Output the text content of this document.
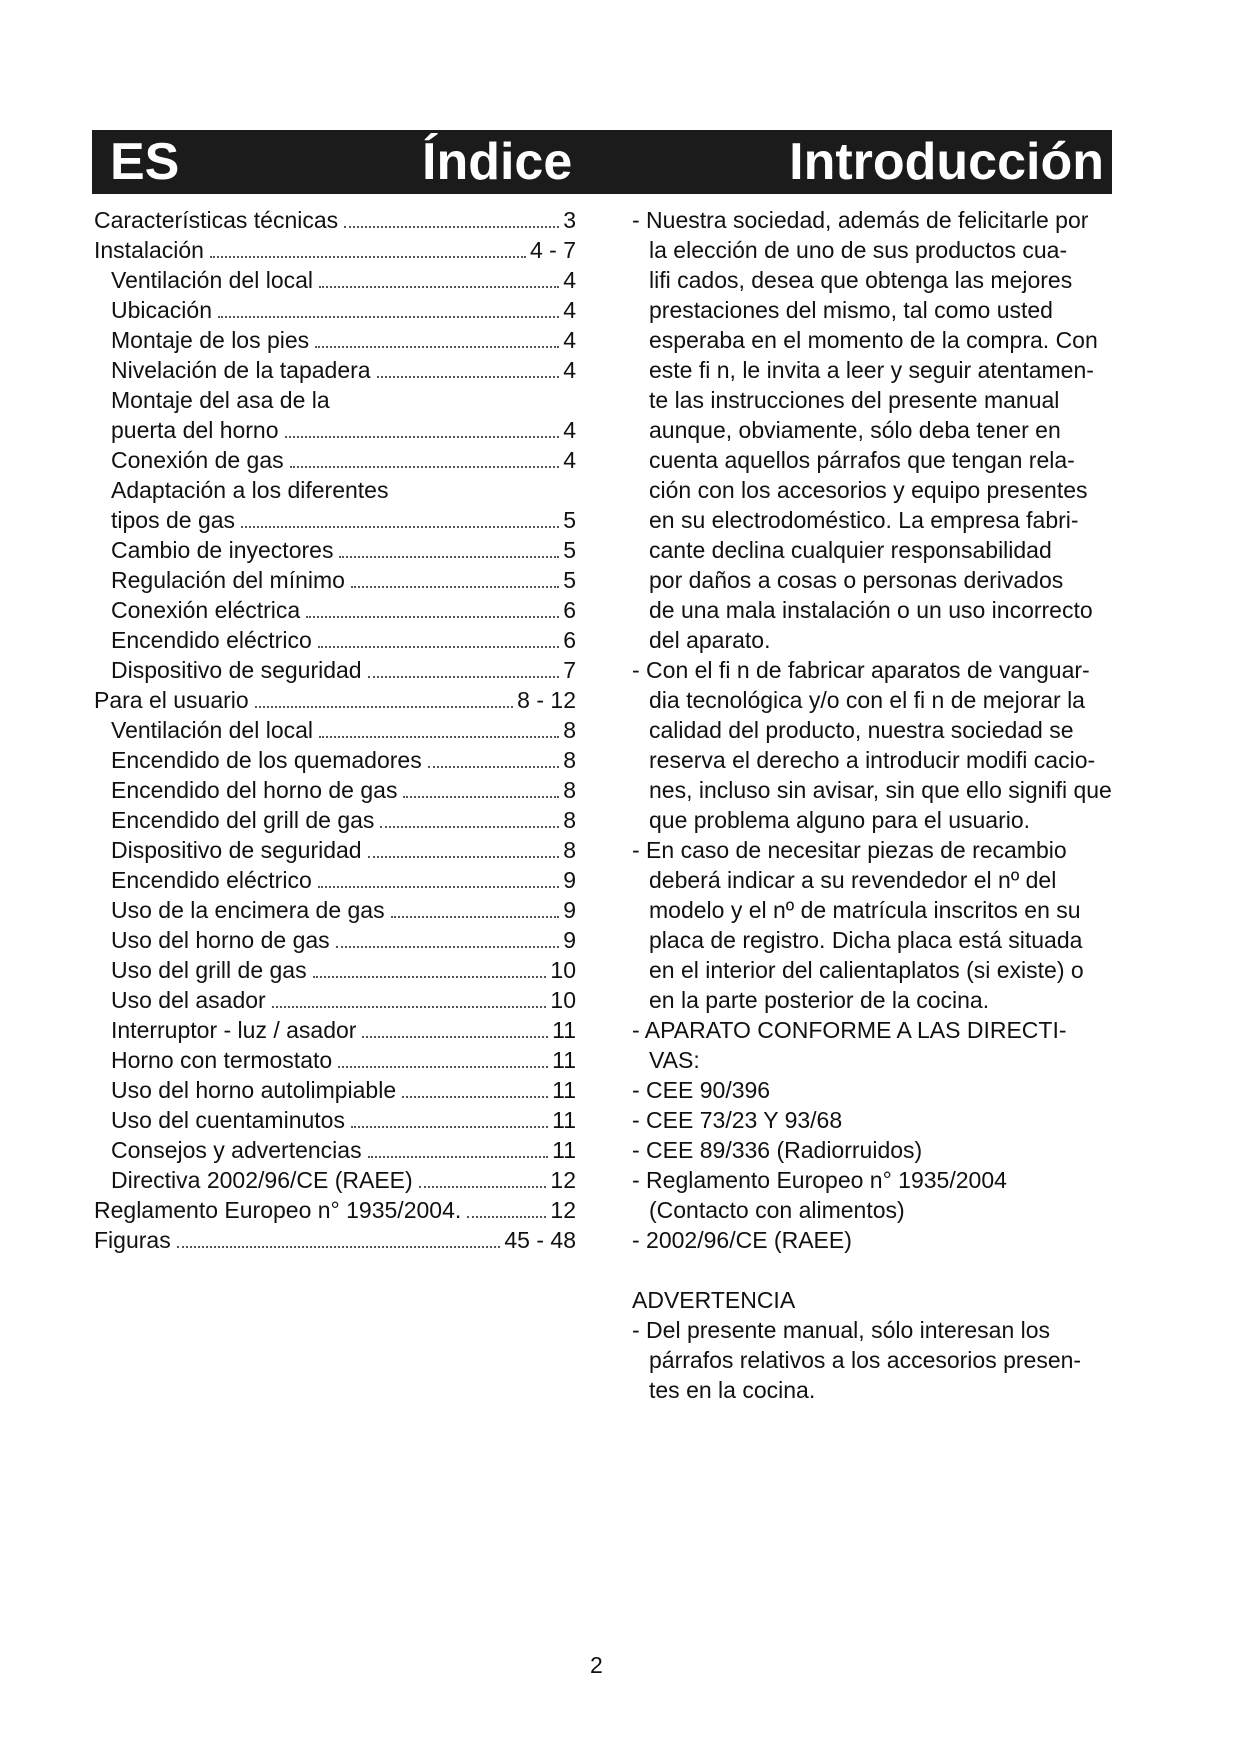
ES	Índice	Introducción
Características técnicas	3
Instalación	4 - 7
Ventilación del local	4
Ubicación	4
Montaje de los pies	4
Nivelación de la tapadera	4
Montaje del asa de la
puerta del horno	4
Conexión de gas	4
Adaptación a los diferentes
tipos de gas	5
Cambio de inyectores	5
Regulación del mínimo	5
Conexión eléctrica	6
Encendido eléctrico	6
Dispositivo de seguridad	7
Para el usuario	8 - 12
Ventilación del local	8
Encendido de los quemadores	8
Encendido del horno de gas	8
Encendido del grill de gas	8
Dispositivo de seguridad	8
Encendido eléctrico	9
Uso de la encimera de gas	9
Uso del horno de gas	9
Uso del grill de gas	10
Uso del asador	10
Interruptor - luz / asador	11
Horno con termostato	11
Uso del horno autolimpiable	11
Uso del cuentaminutos	11
Consejos y advertencias	11
Directiva 2002/96/CE (RAEE)	12
Reglamento Europeo n° 1935/2004.	12
Figuras	45 - 48
- Nuestra sociedad, además de felicitarle por
la elección de uno de sus productos cua-
lifi cados, desea que obtenga las mejores
prestaciones del mismo, tal como usted
esperaba en el momento de la compra. Con
este fi n, le invita a leer y seguir atentamen-
te las instrucciones del presente manual
aunque, obviamente, sólo deba tener en
cuenta aquellos párrafos que tengan rela-
ción con los accesorios y equipo presentes
en su electrodoméstico. La empresa fabri-
cante declina cualquier responsabilidad
por daños a cosas o personas derivados
de una mala instalación o un uso incorrecto
del aparato.
- Con el fi n de fabricar aparatos de vanguar-
dia tecnológica y/o con el fi n de mejorar la
calidad del producto, nuestra sociedad se
reserva el derecho a introducir modifi cacio-
nes, incluso sin avisar, sin que ello signifi que
que problema alguno para el usuario.
- En caso de necesitar piezas de recambio
deberá indicar a su revendedor el nº del
modelo y el nº de matrícula inscritos en su
placa de registro. Dicha placa está situada
en el interior del calientaplatos (si existe) o
en la parte posterior de la cocina.
- APARATO CONFORME A LAS DIRECTI-
VAS:
- CEE 90/396
- CEE 73/23 Y 93/68
- CEE 89/336 (Radiorruidos)
- Reglamento Europeo n° 1935/2004
(Contacto con alimentos)
- 2002/96/CE (RAEE)
ADVERTENCIA
- Del presente manual, sólo interesan los
párrafos relativos a los accesorios presen-
tes en la cocina.
2
